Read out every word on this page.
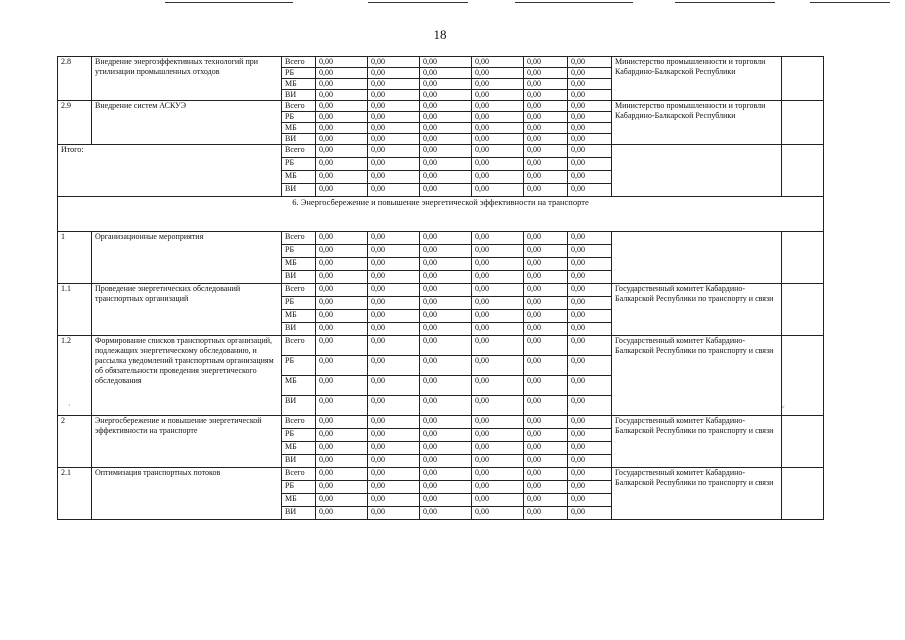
18
2.8	Внедрение энергоэффективных технологий при утилизации промышленных отходов	Всего	0,00	0,00	0,00	0,00	0,00	0,00	Министерство промышленности и торговли Кабардино-Балкарской Республики	
		РБ	0,00	0,00	0,00	0,00	0,00	0,00		
		МБ	0,00	0,00	0,00	0,00	0,00	0,00		
		ВИ	0,00	0,00	0,00	0,00	0,00	0,00		
2.9	Внедрение систем АСКУЭ	Всего	0,00	0,00	0,00	0,00	0,00	0,00	Министерство промышленности и торговли Кабардино-Балкарской Республики	
		РБ	0,00	0,00	0,00	0,00	0,00	0,00		
		МБ	0,00	0,00	0,00	0,00	0,00	0,00		
		ВИ	0,00	0,00	0,00	0,00	0,00	0,00		
Итого:		Всего	0,00	0,00	0,00	0,00	0,00	0,00		
		РБ	0,00	0,00	0,00	0,00	0,00	0,00		
		МБ	0,00	0,00	0,00	0,00	0,00	0,00		
		ВИ	0,00	0,00	0,00	0,00	0,00	0,00		
6. Энергосбережение и повышение энергетической эффективности на транспорте										
1	Организационные мероприятия	Всего	0,00	0,00	0,00	0,00	0,00	0,00		
		РБ	0,00	0,00	0,00	0,00	0,00	0,00		
		МБ	0,00	0,00	0,00	0,00	0,00	0,00		
		ВИ	0,00	0,00	0,00	0,00	0,00	0,00		
1.1	Проведение энергетических обследований транспортных организаций	Всего	0,00	0,00	0,00	0,00	0,00	0,00	Государственный комитет Кабардино-Балкарской Республики по транспорту и связи	
		РБ	0,00	0,00	0,00	0,00	0,00	0,00		
		МБ	0,00	0,00	0,00	0,00	0,00	0,00		
		ВИ	0,00	0,00	0,00	0,00	0,00	0,00		
1.2	Формирование списков транспортных организаций, подлежащих энергетическому обследованию, и рассылка уведомлений транспортным организациям об обязательности проведения энергетического обследования	Всего	0,00	0,00	0,00	0,00	0,00	0,00	Государственный комитет Кабардино-Балкарской Республики по транспорту и связи	
		РБ	0,00	0,00	0,00	0,00	0,00	0,00		
		МБ	0,00	0,00	0,00	0,00	0,00	0,00		
		ВИ	0,00	0,00	0,00	0,00	0,00	0,00		
2	Энергосбережение и повышение энергетической эффективности на транспорте	Всего	0,00	0,00	0,00	0,00	0,00	0,00	Государственный комитет Кабардино-Балкарской Республики по транспорту и связи	
		РБ	0,00	0,00	0,00	0,00	0,00	0,00		
		МБ	0,00	0,00	0,00	0,00	0,00	0,00		
		ВИ	0,00	0,00	0,00	0,00	0,00	0,00		
2.1	Оптимизация транспортных потоков	Всего	0,00	0,00	0,00	0,00	0,00	0,00	Государственный комитет Кабардино-Балкарской Республики по транспорту и связи	
		РБ	0,00	0,00	0,00	0,00	0,00	0,00		
		МБ	0,00	0,00	0,00	0,00	0,00	0,00		
		ВИ	0,00	0,00	0,00	0,00	0,00	0,00		
⸝
·
